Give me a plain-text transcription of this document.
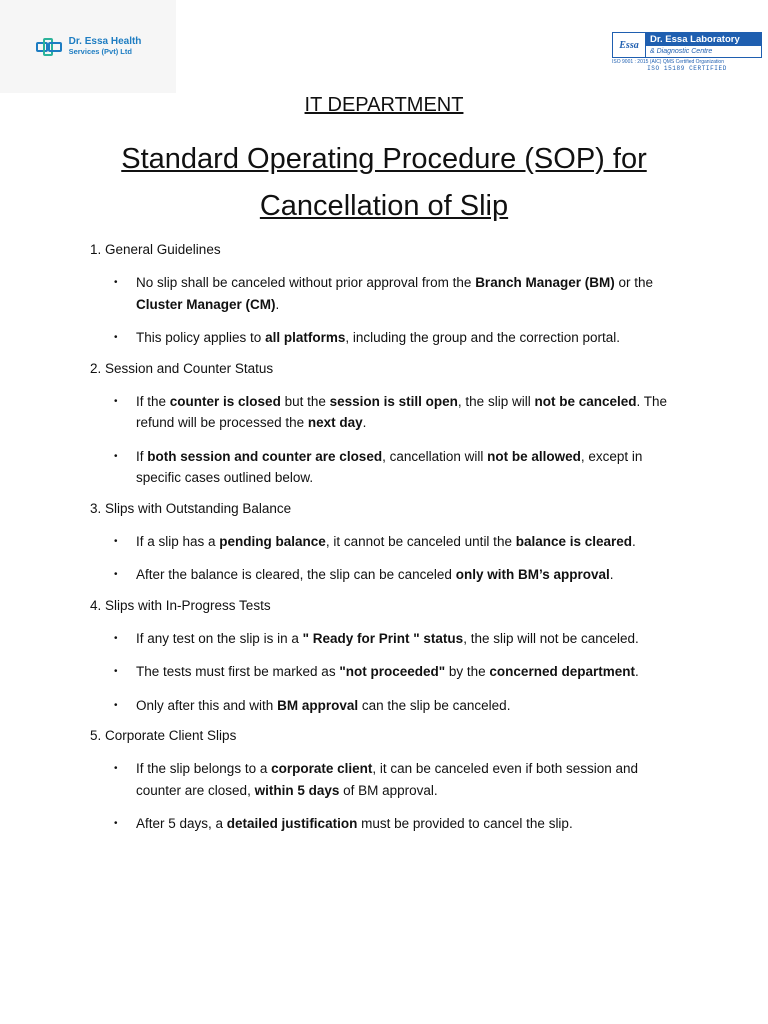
Dr. Essa Health
Services (Pvt) Ltd
Essa	Dr. Essa Laboratory
& Diagnostic Centre
ISO 9001 : 2015 (AIC) QMS Certified Organization
ISO 15189 CERTIFIED
IT DEPARTMENT
Standard Operating Procedure (SOP) for
Cancellation of Slip
1. General Guidelines

• No slip shall be canceled without prior approval from the Branch Manager (BM) or the
Cluster Manager (CM).

• This policy applies to all platforms, including the group and the correction portal.

2. Session and Counter Status

• If the counter is closed but the session is still open, the slip will not be canceled. The
refund will be processed the next day.

• If both session and counter are closed, cancellation will not be allowed, except in
specific cases outlined below.

3. Slips with Outstanding Balance

• If a slip has a pending balance, it cannot be canceled until the balance is cleared.

• After the balance is cleared, the slip can be canceled only with BM’s approval.

4. Slips with In-Progress Tests

• If any test on the slip is in a " Ready for Print " status, the slip will not be canceled.

• The tests must first be marked as "not proceeded" by the concerned department.

• Only after this and with BM approval can the slip be canceled.

5. Corporate Client Slips

• If the slip belongs to a corporate client, it can be canceled even if both session and
counter are closed, within 5 days of BM approval.

• After 5 days, a detailed justification must be provided to cancel the slip.
